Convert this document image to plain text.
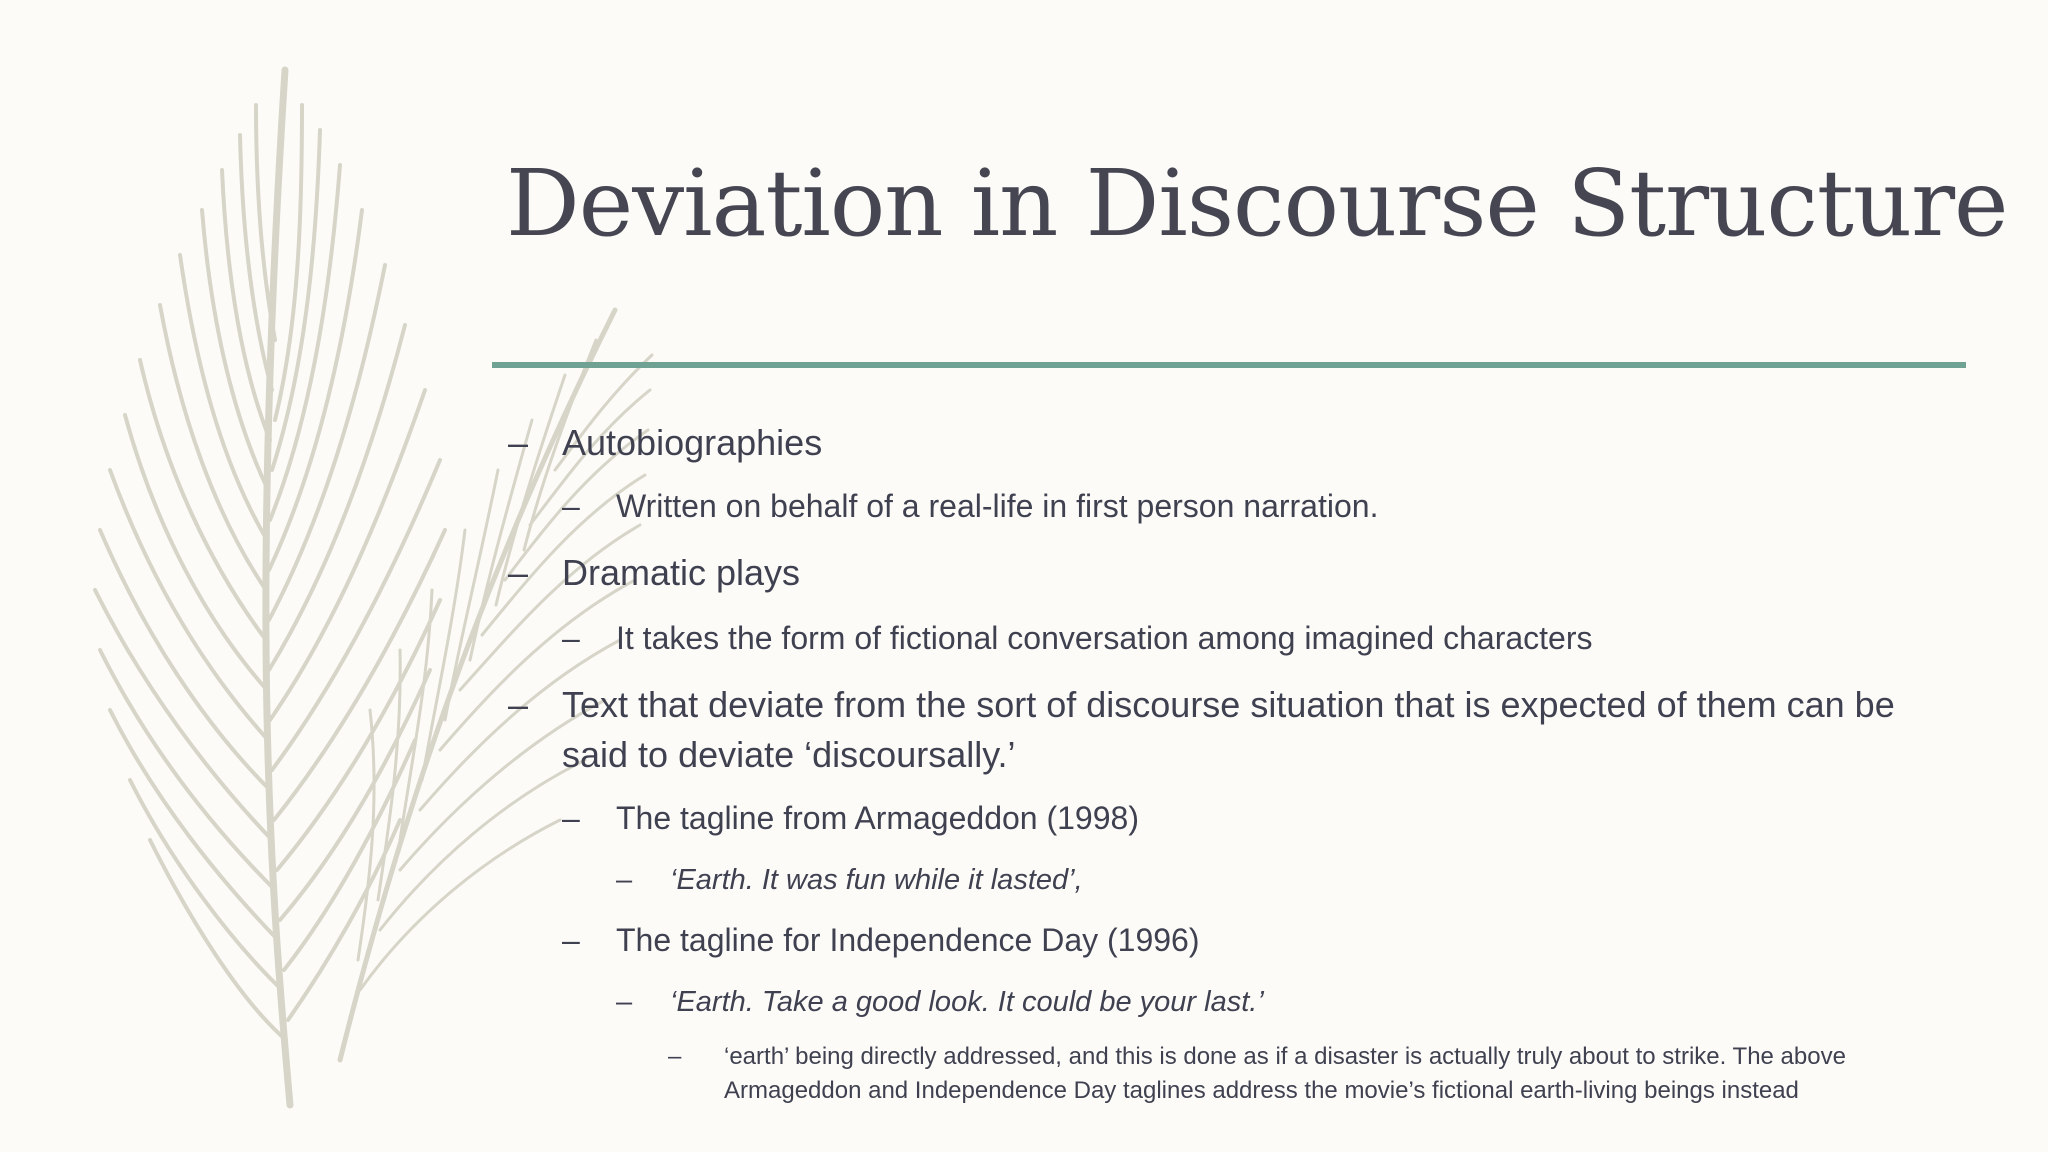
Deviation in Discourse Structure
– Autobiographies
–	Written on behalf of a real-life in first person narration.
– Dramatic plays
–	It takes the form of fictional conversation among imagined characters
– Text that deviate from the sort of discourse situation that is expected of them can be said to deviate ‘discoursally.’
–	The tagline from Armageddon (1998)
–	‘Earth. It was fun while it lasted’,
–	The tagline for Independence Day (1996)
–	‘Earth. Take a good look. It could be your last.’
–	‘earth’ being directly addressed, and this is done as if a disaster is actually truly about to strike. The above Armageddon and Independence Day taglines address the movie’s fictional earth-living beings instead
